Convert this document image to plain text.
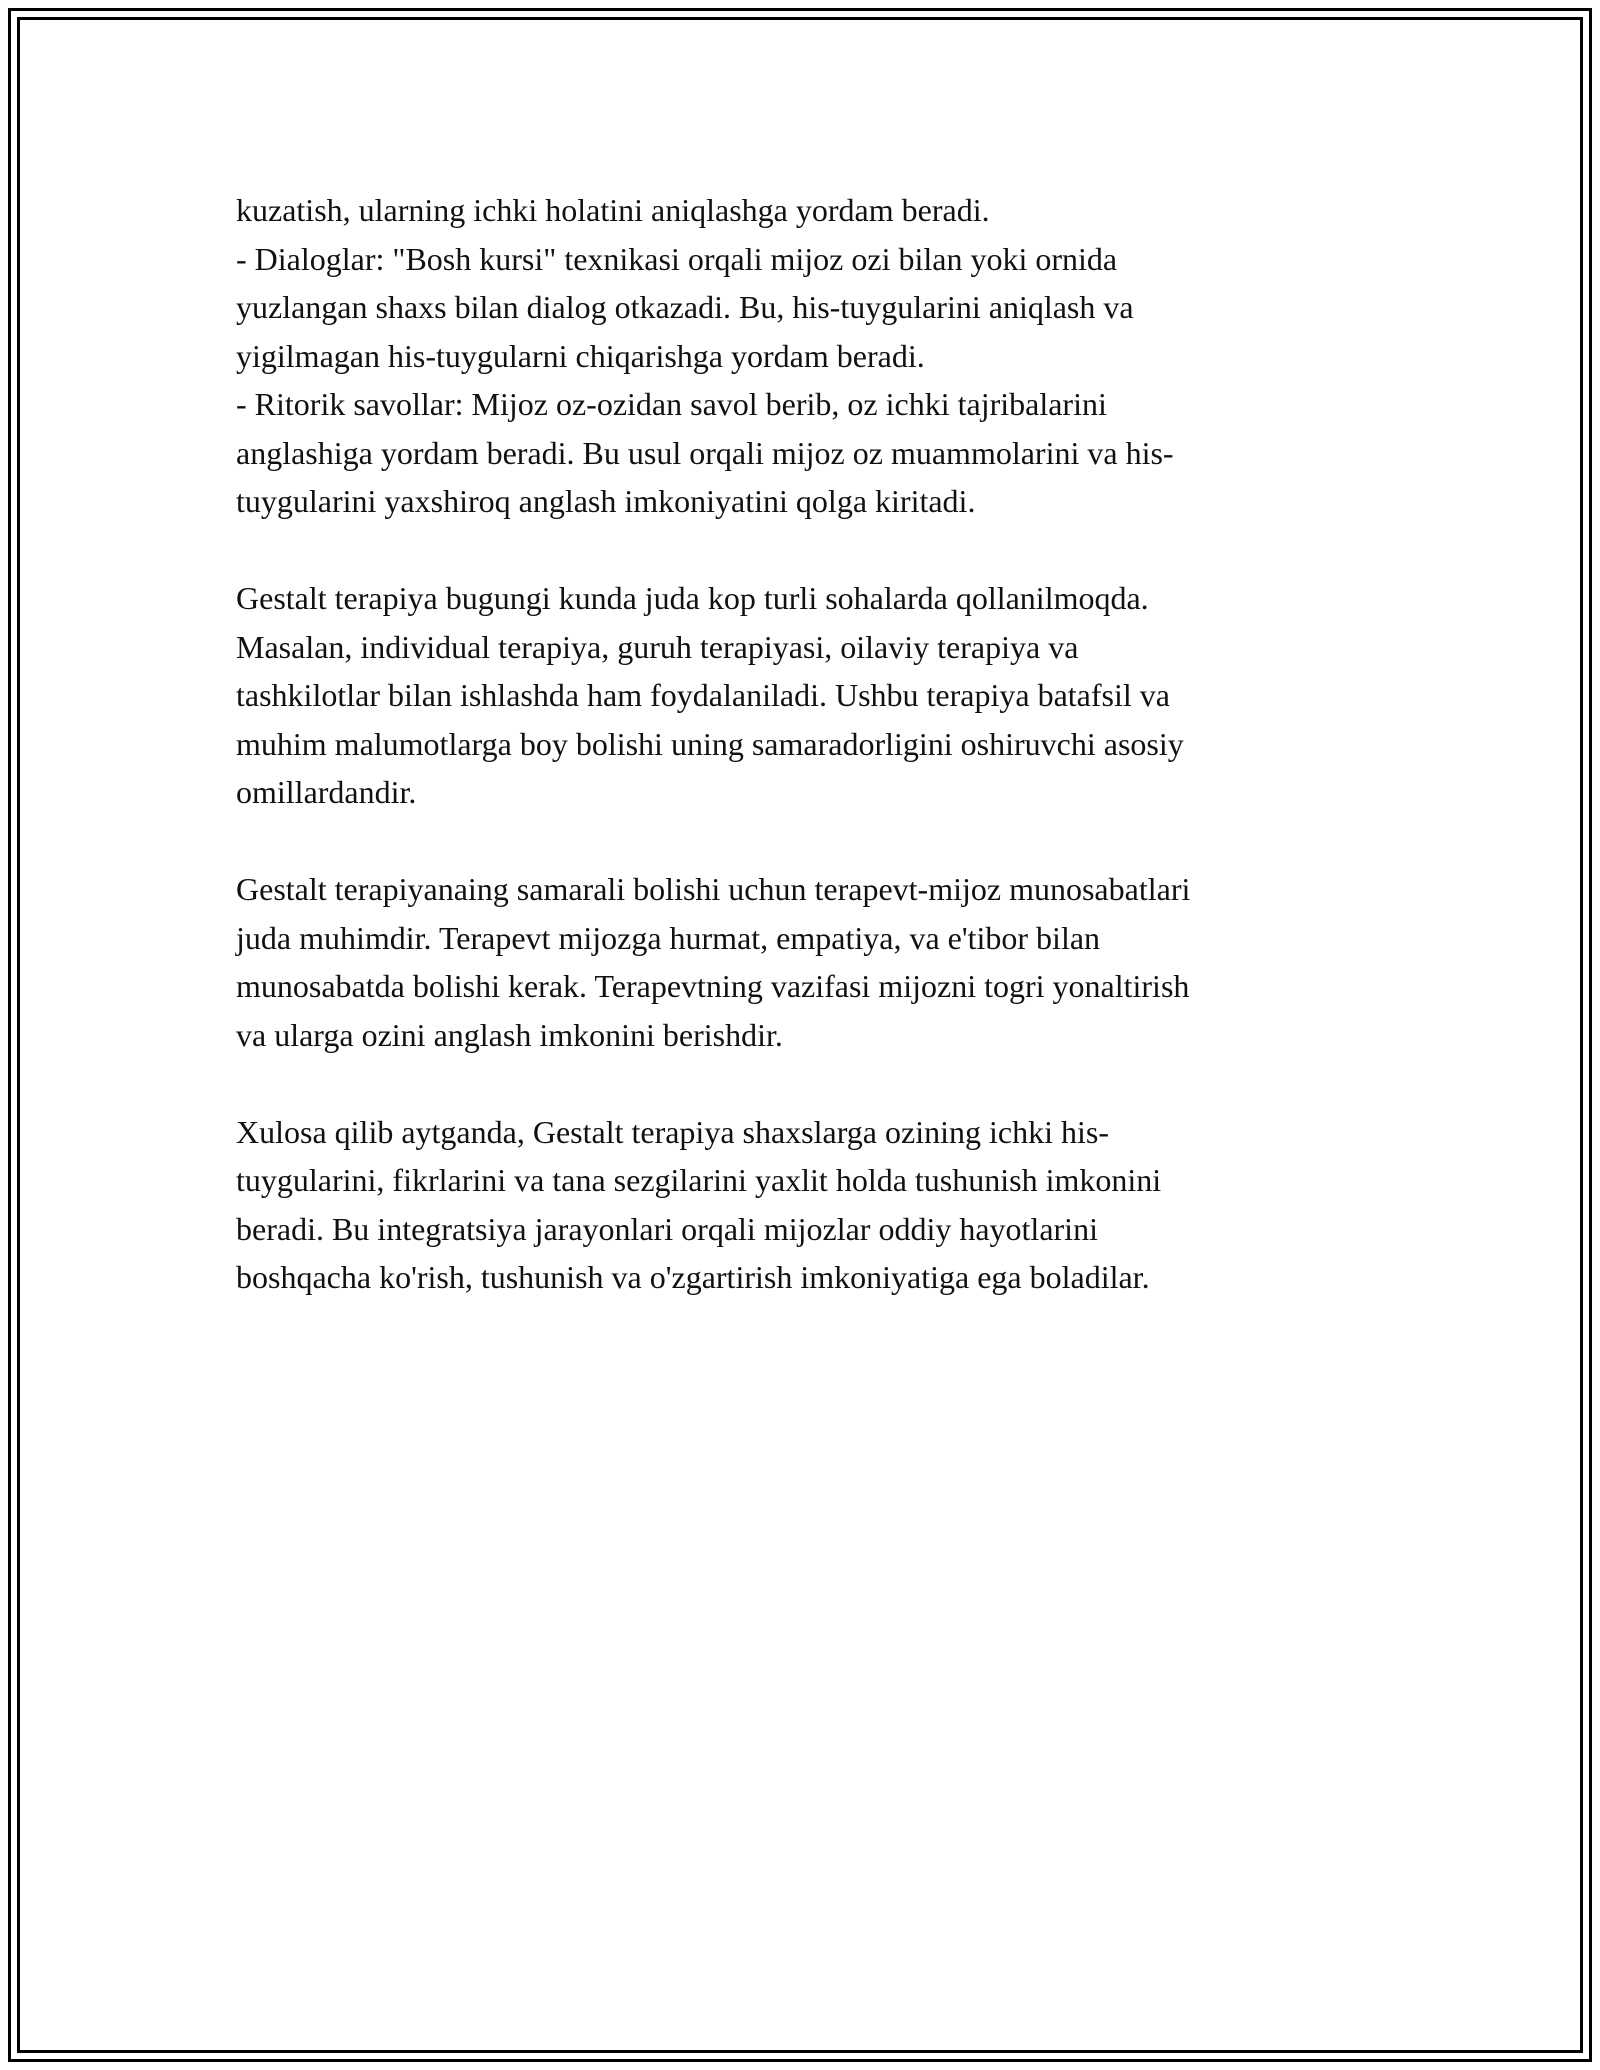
kuzatish, ularning ichki holatini aniqlashga yordam beradi.
- Dialoglar: "Bosh kursi" texnikasi orqali mijoz ozi bilan yoki ornida
yuzlangan shaxs bilan dialog otkazadi. Bu, his-tuygularini aniqlash va
yigilmagan his-tuygularni chiqarishga yordam beradi.
- Ritorik savollar: Mijoz oz-ozidan savol berib, oz ichki tajribalarini
anglashiga yordam beradi. Bu usul orqali mijoz oz muammolarini va his-
tuygularini yaxshiroq anglash imkoniyatini qolga kiritadi.

Gestalt terapiya bugungi kunda juda kop turli sohalarda qollanilmoqda.
Masalan, individual terapiya, guruh terapiyasi, oilaviy terapiya va
tashkilotlar bilan ishlashda ham foydalaniladi. Ushbu terapiya batafsil va
muhim malumotlarga boy bolishi uning samaradorligini oshiruvchi asosiy
omillardandir.

Gestalt terapiyanaing samarali bolishi uchun terapevt-mijoz munosabatlari
juda muhimdir. Terapevt mijozga hurmat, empatiya, va e'tibor bilan
munosabatda bolishi kerak. Terapevtning vazifasi mijozni togri yonaltirish
va ularga ozini anglash imkonini berishdir.

Xulosa qilib aytganda, Gestalt terapiya shaxslarga ozining ichki his-
tuygularini, fikrlarini va tana sezgilarini yaxlit holda tushunish imkonini
beradi. Bu integratsiya jarayonlari orqali mijozlar oddiy hayotlarini
boshqacha ko'rish, tushunish va o'zgartirish imkoniyatiga ega boladilar.
